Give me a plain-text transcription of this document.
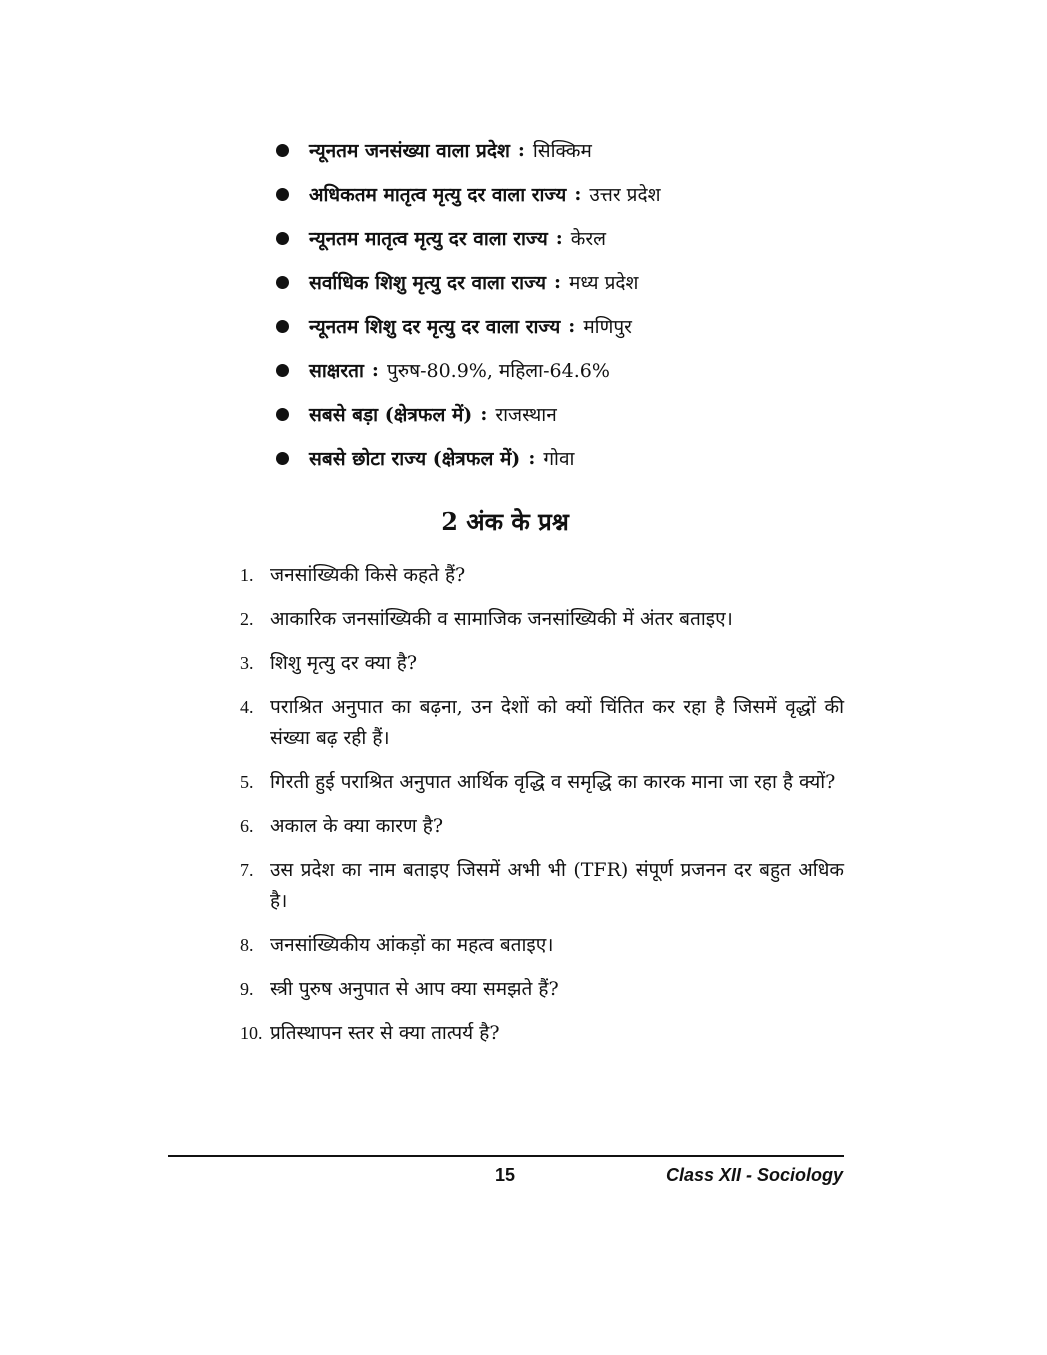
न्यूनतम जनसंख्या वाला प्रदेश : सिक्किम
अधिकतम मातृत्व मृत्यु दर वाला राज्य : उत्तर प्रदेश
न्यूनतम मातृत्व मृत्यु दर वाला राज्य : केरल
सर्वाधिक शिशु मृत्यु दर वाला राज्य : मध्य प्रदेश
न्यूनतम शिशु दर मृत्यु दर वाला राज्य : मणिपुर
साक्षरता : पुरुष-80.9%, महिला-64.6%
सबसे बड़ा (क्षेत्रफल में) : राजस्थान
सबसे छोटा राज्य (क्षेत्रफल में) : गोवा
2 अंक के प्रश्न
1. जनसांख्यिकी किसे कहते हैं?
2. आकारिक जनसांख्यिकी व सामाजिक जनसांख्यिकी में अंतर बताइए।
3. शिशु मृत्यु दर क्या है?
4. पराश्रित अनुपात का बढ़ना, उन देशों को क्यों चिंतित कर रहा है जिसमें वृद्धों की संख्या बढ़ रही हैं।
5. गिरती हुई पराश्रित अनुपात आर्थिक वृद्धि व समृद्धि का कारक माना जा रहा है क्यों?
6. अकाल के क्या कारण है?
7. उस प्रदेश का नाम बताइए जिसमें अभी भी (TFR) संपूर्ण प्रजनन दर बहुत अधिक है।
8. जनसांख्यिकीय आंकड़ों का महत्व बताइए।
9. स्त्री पुरुष अनुपात से आप क्या समझते हैं?
10. प्रतिस्थापन स्तर से क्या तात्पर्य है?
15	Class XII - Sociology
